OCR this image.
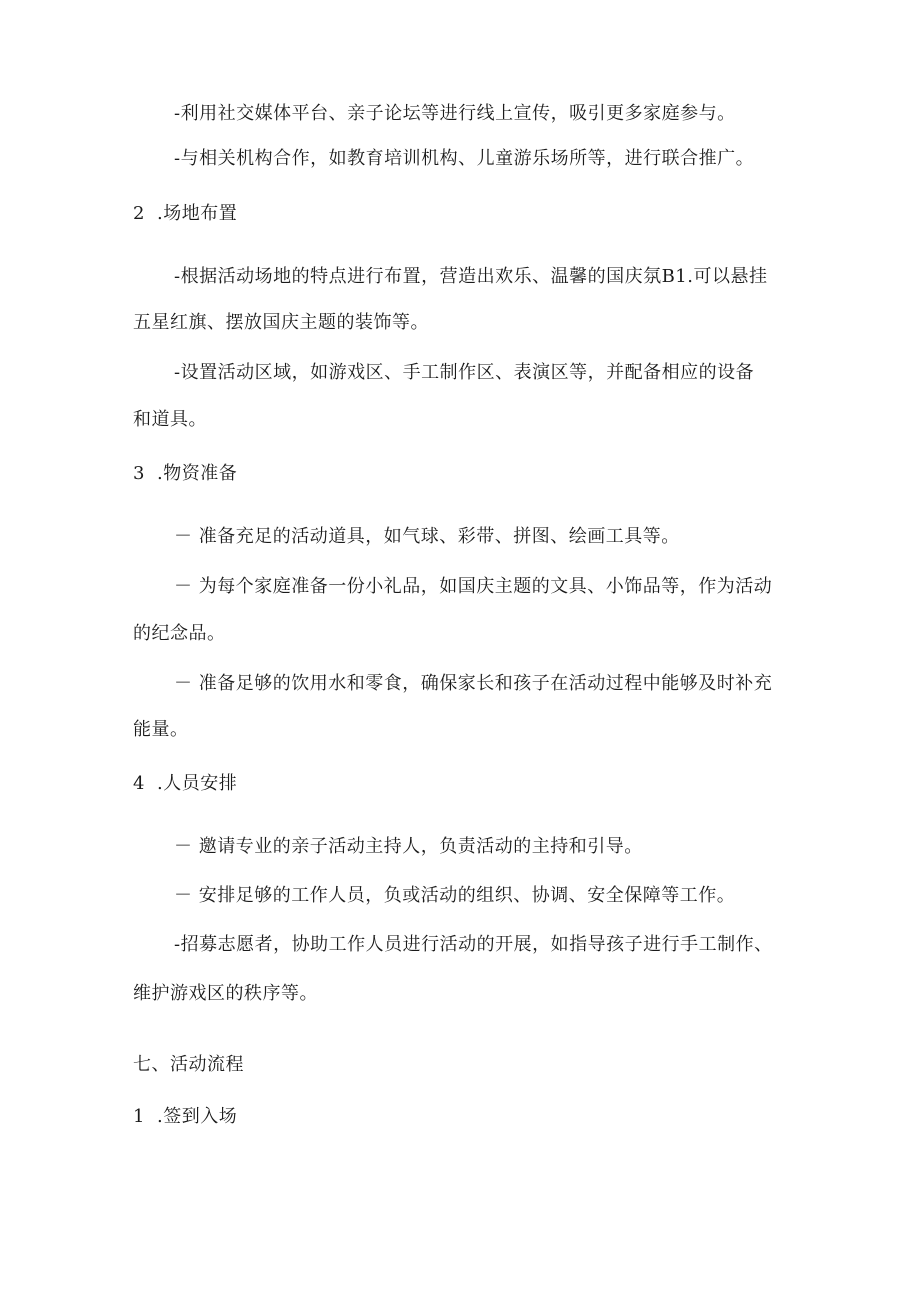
-利用社交媒体平台、亲子论坛等进行线上宣传，吸引更多家庭参与。
-与相关机构合作，如教育培训机构、儿童游乐场所等，进行联合推广。
2 .场地布置
-根据活动场地的特点进行布置，营造出欢乐、温馨的国庆氛B1.可以悬挂
五星红旗、摆放国庆主题的装饰等。
-设置活动区域，如游戏区、手工制作区、表演区等，并配备相应的设备
和道具。
3 .物资准备
－ 准备充足的活动道具，如气球、彩带、拼图、绘画工具等。
－ 为每个家庭准备一份小礼品，如国庆主题的文具、小饰品等，作为活动
的纪念品。
－ 准备足够的饮用水和零食，确保家长和孩子在活动过程中能够及时补充
能量。
4 .人员安排
－ 邀请专业的亲子活动主持人，负责活动的主持和引导。
－ 安排足够的工作人员，负或活动的组织、协调、安全保障等工作。
-招募志愿者，协助工作人员进行活动的开展，如指导孩子进行手工制作、
维护游戏区的秩序等。
七、活动流程
1 .签到入场
